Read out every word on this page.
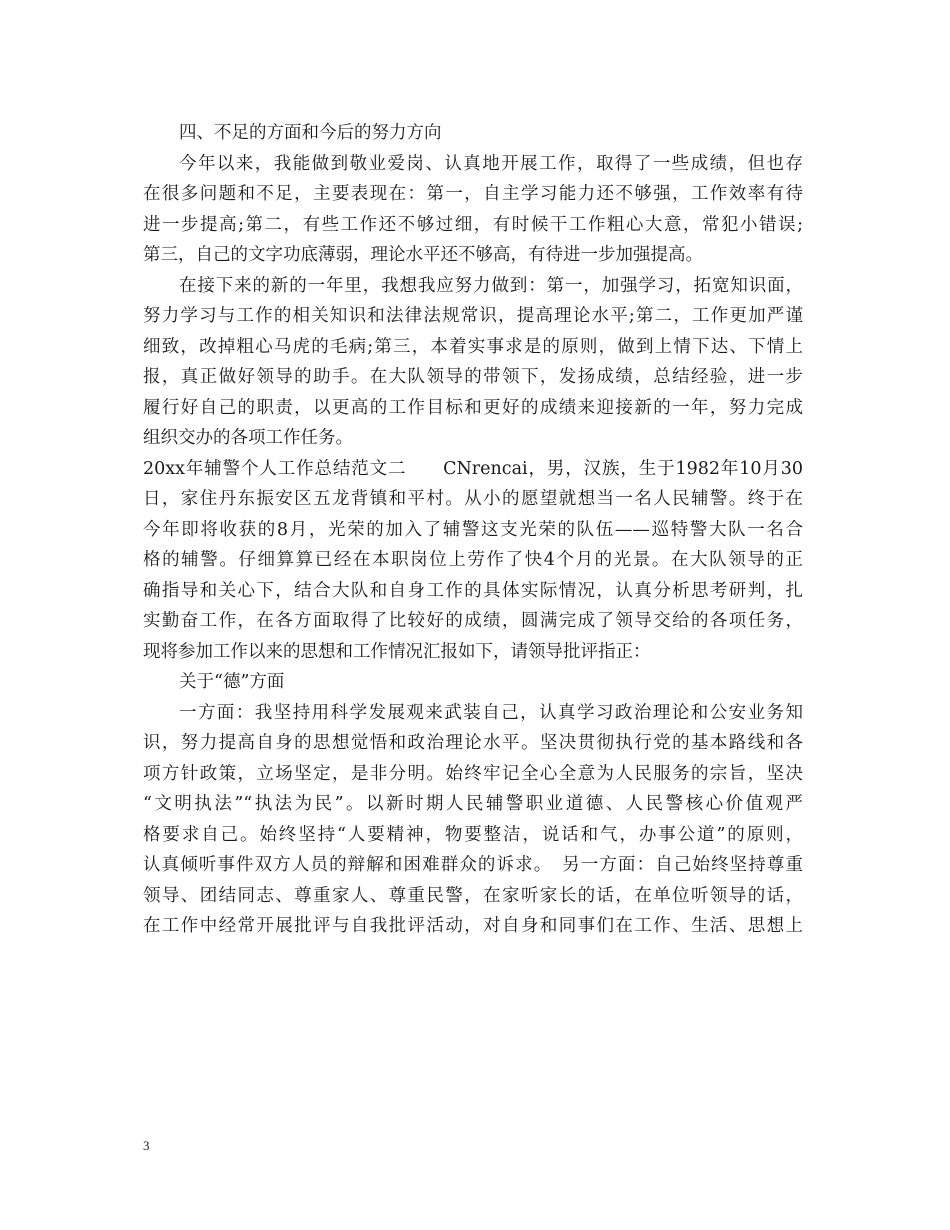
四、不足的方面和今后的努力方向
今年以来，我能做到敬业爱岗、认真地开展工作，取得了一些成绩，但也存
在很多问题和不足，主要表现在：第一，自主学习能力还不够强，工作效率有待
进一步提高;第二，有些工作还不够过细，有时候干工作粗心大意，常犯小错误;
第三，自己的文字功底薄弱，理论水平还不够高，有待进一步加强提高。
在接下来的新的一年里，我想我应努力做到：第一，加强学习，拓宽知识面，
努力学习与工作的相关知识和法律法规常识，提高理论水平;第二，工作更加严谨
细致，改掉粗心马虎的毛病;第三，本着实事求是的原则，做到上情下达、下情上
报，真正做好领导的助手。在大队领导的带领下，发扬成绩，总结经验，进一步
履行好自己的职责，以更高的工作目标和更好的成绩来迎接新的一年，努力完成
组织交办的各项工作任务。
20xx年辅警个人工作总结范文二　　CNrencai，男，汉族，生于1982年10月30
日，家住丹东振安区五龙背镇和平村。从小的愿望就想当一名人民辅警。终于在
今年即将收获的8月，光荣的加入了辅警这支光荣的队伍——巡特警大队一名合
格的辅警。仔细算算已经在本职岗位上劳作了快4个月的光景。在大队领导的正
确指导和关心下，结合大队和自身工作的具体实际情况，认真分析思考研判，扎
实勤奋工作，在各方面取得了比较好的成绩，圆满完成了领导交给的各项任务，
现将参加工作以来的思想和工作情况汇报如下，请领导批评指正：
关于“德”方面
一方面：我坚持用科学发展观来武装自己，认真学习政治理论和公安业务知
识，努力提高自身的思想觉悟和政治理论水平。坚决贯彻执行党的基本路线和各
项方针政策，立场坚定，是非分明。始终牢记全心全意为人民服务的宗旨，坚决
“文明执法”“执法为民”。以新时期人民辅警职业道德、人民警核心价值观严
格要求自己。始终坚持“人要精神，物要整洁，说话和气，办事公道”的原则，
认真倾听事件双方人员的辩解和困难群众的诉求。　另一方面：自己始终坚持尊重
领导、团结同志、尊重家人、尊重民警，在家听家长的话，在单位听领导的话，
在工作中经常开展批评与自我批评活动，对自身和同事们在工作、生活、思想上
3
